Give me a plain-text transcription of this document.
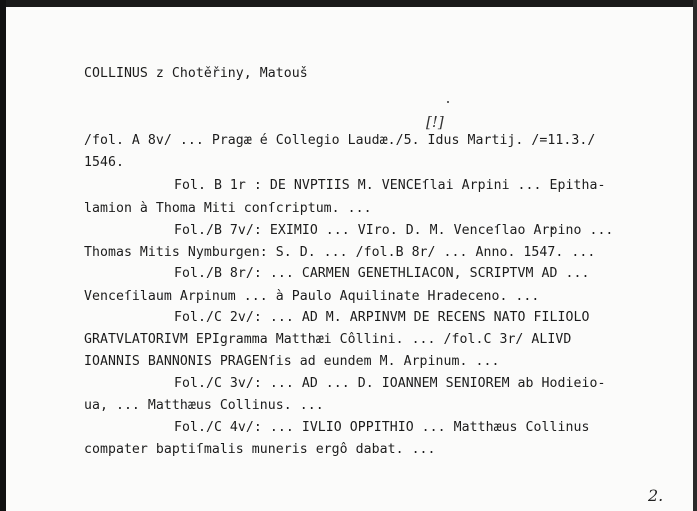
COLLINUS z Chotěřiny, Matouš
[!]
/fol. A 8v/ ... Pragæ é Collegio Laudæ./5. Idus Martij. /=11.3./
1546.
Fol. B 1r : DE NVPTIIS M. VENCEſlai Arpini ... Epitha-
lamion à Thoma Miti conſcriptum. ...
Fol./B 7v/: EXIMIO ... VIro. D. M. Venceſlao Arpino ...
Thomas Mitis Nymburgen: S. D. ... /fol.B 8r/ ... Anno. 1547. ...
Fol./B 8r/: ... CARMEN GENETHLIACON, SCRIPTVM AD ...
Venceſilaum Arpinum ... à Paulo Aquilinate Hradeceno. ...
Fol./C 2v/: ... AD M. ARPINVM DE RECENS NATO FILIOLO
GRATVLATORIVM EPIgramma Matthæi Côllini. ... /fol.C 3r/ ALIVD
IOANNIS BANNONIS PRAGENſis ad eundem M. Arpinum. ...
Fol./C 3v/: ... AD ... D. IOANNEM SENIOREM ab Hodieio-
ua, ... Matthæus Collinus. ...
Fol./C 4v/: ... IVLIO OPPITHIO ... Matthæus Collinus
compater baptiſmalis muneris ergô dabat. ...
2.
